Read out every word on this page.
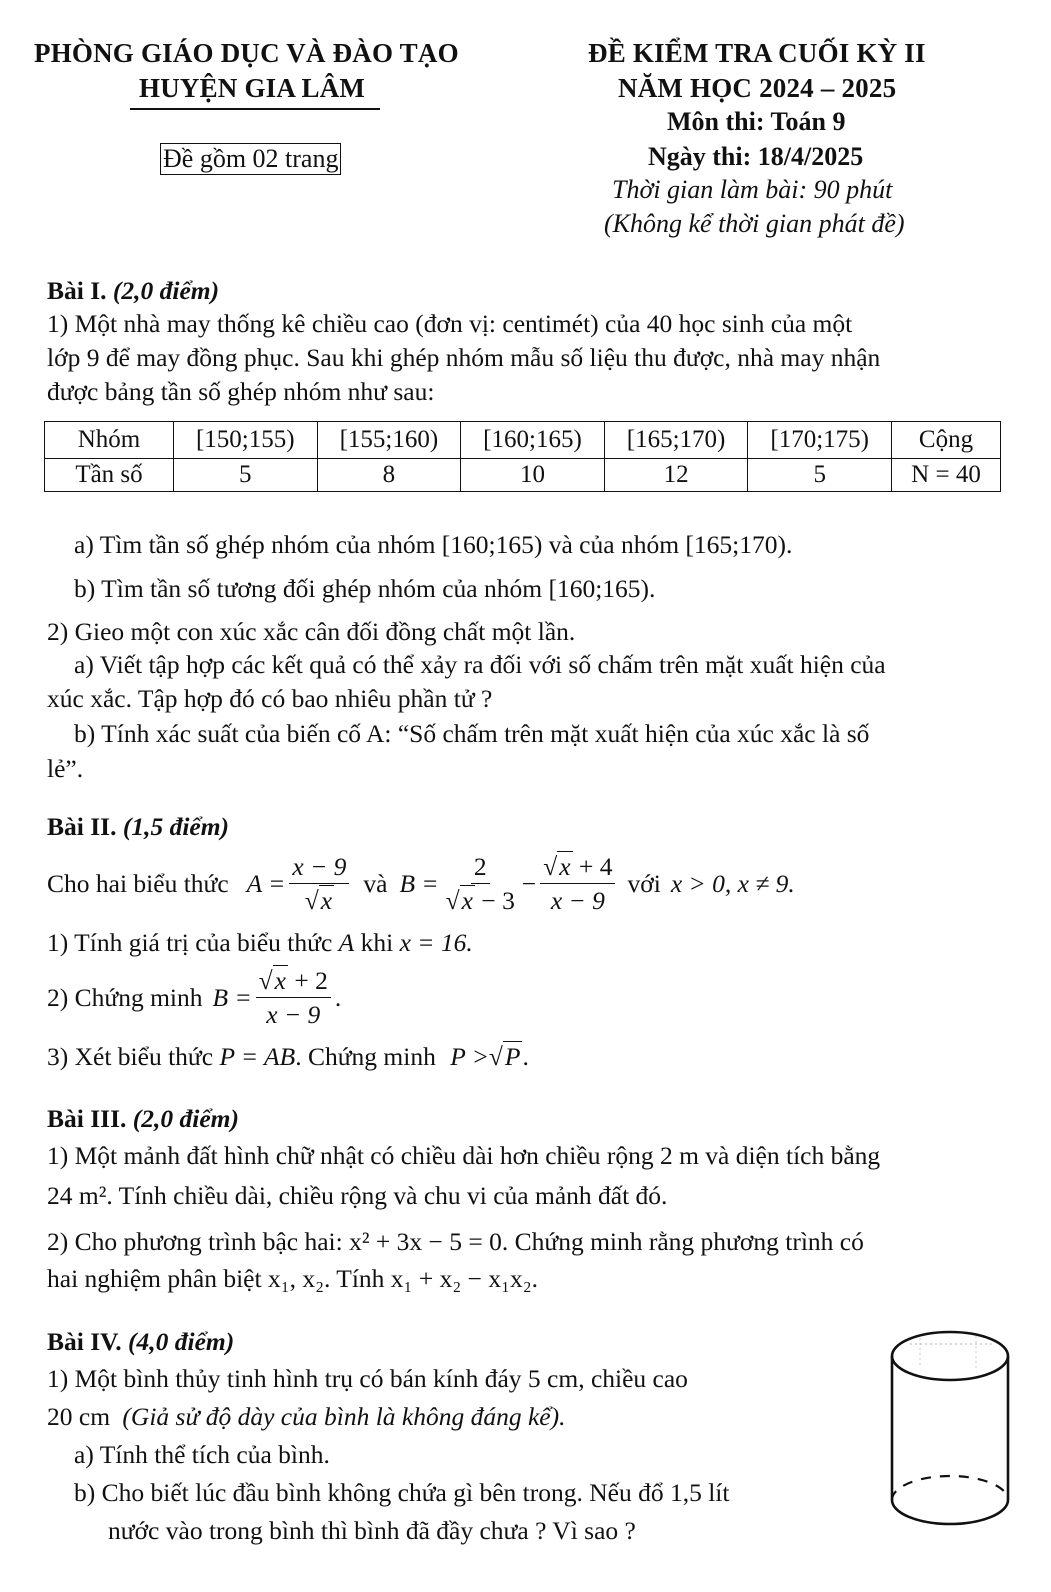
PHÒNG GIÁO DỤC VÀ ĐÀO TẠO
HUYỆN GIA LÂM
Đề gồm 02 trang
ĐỀ KIỂM TRA CUỐI KỲ II
NĂM HỌC 2024 – 2025
Môn thi: Toán 9
Ngày thi: 18/4/2025
Thời gian làm bài: 90 phút
(Không kể thời gian phát đề)
Bài I. (2,0 điểm)
1) Một nhà may thống kê chiều cao (đơn vị: centimét) của 40 học sinh của một
lớp 9 để may đồng phục. Sau khi ghép nhóm mẫu số liệu thu được, nhà may nhận
được bảng tần số ghép nhóm như sau:
Nhóm	[150;155)	[155;160)	[160;165)	[165;170)	[170;175)	Cộng
Tần số	5	8	10	12	5	N = 40
a) Tìm tần số ghép nhóm của nhóm [160;165) và của nhóm [165;170).
b) Tìm tần số tương đối ghép nhóm của nhóm [160;165).
2) Gieo một con xúc xắc cân đối đồng chất một lần.
a) Viết tập hợp các kết quả có thể xảy ra đối với số chấm trên mặt xuất hiện của
xúc xắc. Tập hợp đó có bao nhiêu phần tử ?
b) Tính xác suất của biến cố A: “Số chấm trên mặt xuất hiện của xúc xắc là số
lẻ”.
Bài II. (1,5 điểm)
Cho hai biểu thức $A = \frac{x - 9}{√x}$ và $B = \frac{2}{√x - 3} - \frac{√x + 4}{x - 9}$ với x > 0, x ≠ 9.
1) Tính giá trị của biểu thức A khi x = 16.
2) Chứng minh $B = \frac{√x + 2}{x - 9}$ .
3) Xét biểu thức P = AB. Chứng minh P >√P.
Bài III. (2,0 điểm)
1) Một mảnh đất hình chữ nhật có chiều dài hơn chiều rộng 2 m và diện tích bằng
24 m². Tính chiều dài, chiều rộng và chu vi của mảnh đất đó.
2) Cho phương trình bậc hai: x² + 3x − 5 = 0. Chứng minh rằng phương trình có
hai nghiệm phân biệt x₁, x₂. Tính x₁ + x₂ − x₁x₂.
Bài IV. (4,0 điểm)
1) Một bình thủy tinh hình trụ có bán kính đáy 5 cm, chiều cao
20 cm (Giả sử độ dày của bình là không đáng kể).
a) Tính thể tích của bình.
b) Cho biết lúc đầu bình không chứa gì bên trong. Nếu đổ 1,5 lít
nước vào trong bình thì bình đã đầy chưa ? Vì sao ?
